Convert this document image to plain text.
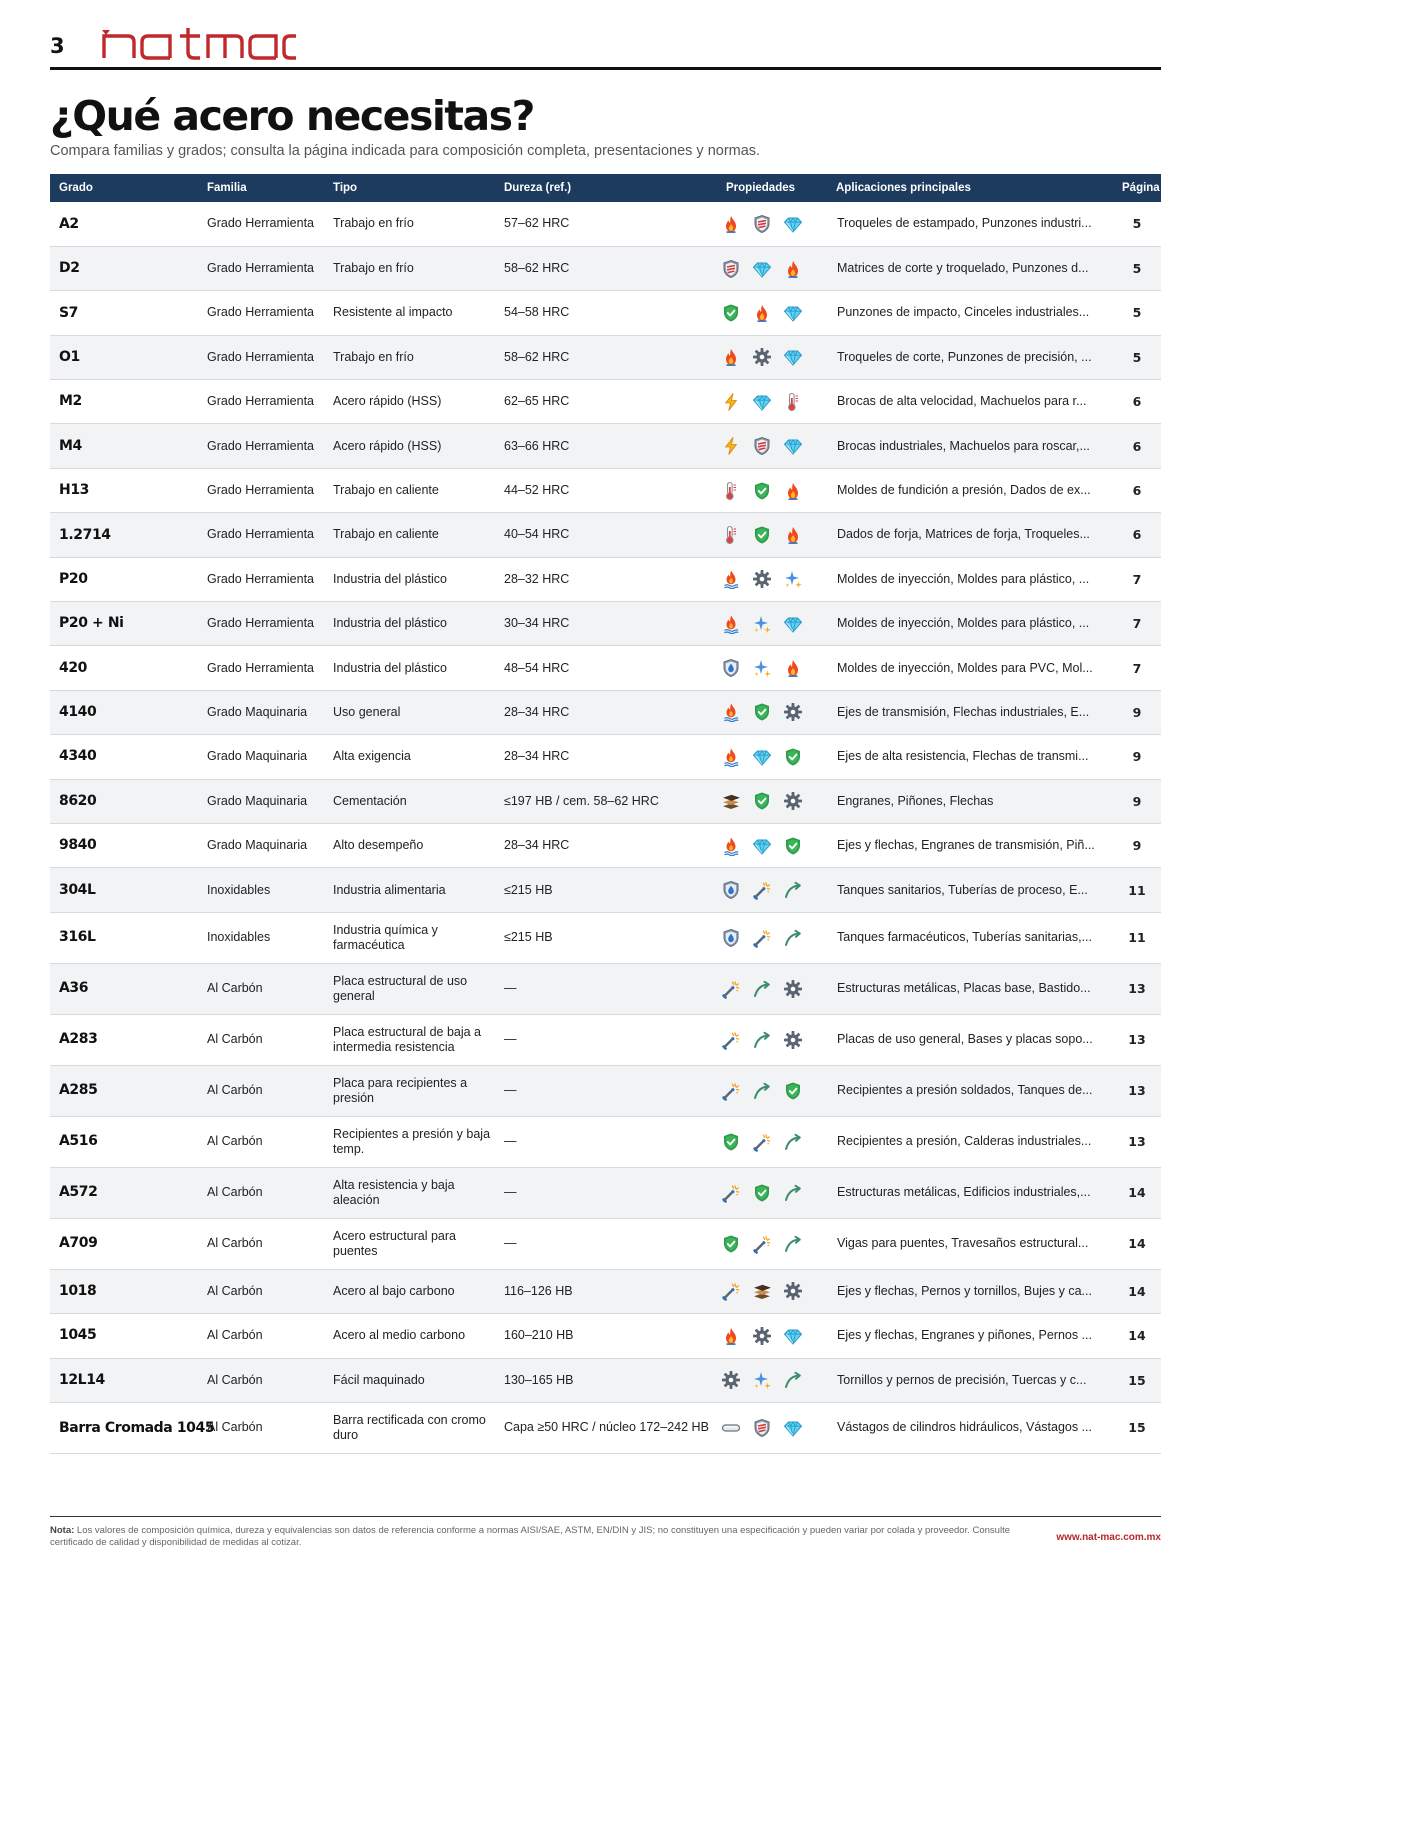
3
¿Qué acero necesitas?
Compara familias y grados; consulta la página indicada para composición completa, presentaciones y normas.
Grado	Familia	Tipo	Dureza (ref.)	Propiedades	Aplicaciones principales	Página
A2	Grado Herramienta	Trabajo en frío	57–62 HRC		Troqueles de estampado, Punzones industri...	5
D2	Grado Herramienta	Trabajo en frío	58–62 HRC		Matrices de corte y troquelado, Punzones d...	5
S7	Grado Herramienta	Resistente al impacto	54–58 HRC		Punzones de impacto, Cinceles industriales...	5
O1	Grado Herramienta	Trabajo en frío	58–62 HRC		Troqueles de corte, Punzones de precisión, ...	5
M2	Grado Herramienta	Acero rápido (HSS)	62–65 HRC		Brocas de alta velocidad, Machuelos para r...	6
M4	Grado Herramienta	Acero rápido (HSS)	63–66 HRC		Brocas industriales, Machuelos para roscar,...	6
H13	Grado Herramienta	Trabajo en caliente	44–52 HRC		Moldes de fundición a presión, Dados de ex...	6
1.2714	Grado Herramienta	Trabajo en caliente	40–54 HRC		Dados de forja, Matrices de forja, Troqueles...	6
P20	Grado Herramienta	Industria del plástico	28–32 HRC		Moldes de inyección, Moldes para plástico, ...	7
P20 + Ni	Grado Herramienta	Industria del plástico	30–34 HRC		Moldes de inyección, Moldes para plástico, ...	7
420	Grado Herramienta	Industria del plástico	48–54 HRC		Moldes de inyección, Moldes para PVC, Mol...	7
4140	Grado Maquinaria	Uso general	28–34 HRC		Ejes de transmisión, Flechas industriales, E...	9
4340	Grado Maquinaria	Alta exigencia	28–34 HRC		Ejes de alta resistencia, Flechas de transmi...	9
8620	Grado Maquinaria	Cementación	≤197 HB / cem. 58–62 HRC		Engranes, Piñones, Flechas	9
9840	Grado Maquinaria	Alto desempeño	28–34 HRC		Ejes y flechas, Engranes de transmisión, Piñ...	9
304L	Inoxidables	Industria alimentaria	≤215 HB		Tanques sanitarios, Tuberías de proceso, E...	11
316L	Inoxidables	Industria química y farmacéutica	≤215 HB		Tanques farmacéuticos, Tuberías sanitarias,...	11
A36	Al Carbón	Placa estructural de uso general	—		Estructuras metálicas, Placas base, Bastido...	13
A283	Al Carbón	Placa estructural de baja a intermedia resistencia	—		Placas de uso general, Bases y placas sopo...	13
A285	Al Carbón	Placa para recipientes a presión	—		Recipientes a presión soldados, Tanques de...	13
A516	Al Carbón	Recipientes a presión y baja temp.	—		Recipientes a presión, Calderas industriales...	13
A572	Al Carbón	Alta resistencia y baja aleación	—		Estructuras metálicas, Edificios industriales,...	14
A709	Al Carbón	Acero estructural para puentes	—		Vigas para puentes, Travesaños estructural...	14
1018	Al Carbón	Acero al bajo carbono	116–126 HB		Ejes y flechas, Pernos y tornillos, Bujes y ca...	14
1045	Al Carbón	Acero al medio carbono	160–210 HB		Ejes y flechas, Engranes y piñones, Pernos ...	14
12L14	Al Carbón	Fácil maquinado	130–165 HB		Tornillos y pernos de precisión, Tuercas y c...	15
Barra Cromada 1045	Al Carbón	Barra rectificada con cromo duro	Capa ≥50 HRC / núcleo 172–242 HB		Vástagos de cilindros hidráulicos, Vástagos ...	15
Nota: Los valores de composición química, dureza y equivalencias son datos de referencia conforme a normas AISI/SAE, ASTM, EN/DIN y JIS; no constituyen una especificación y pueden variar por colada y proveedor. Consulte certificado de calidad y disponibilidad de medidas al cotizar.	www.nat-mac.com.mx
